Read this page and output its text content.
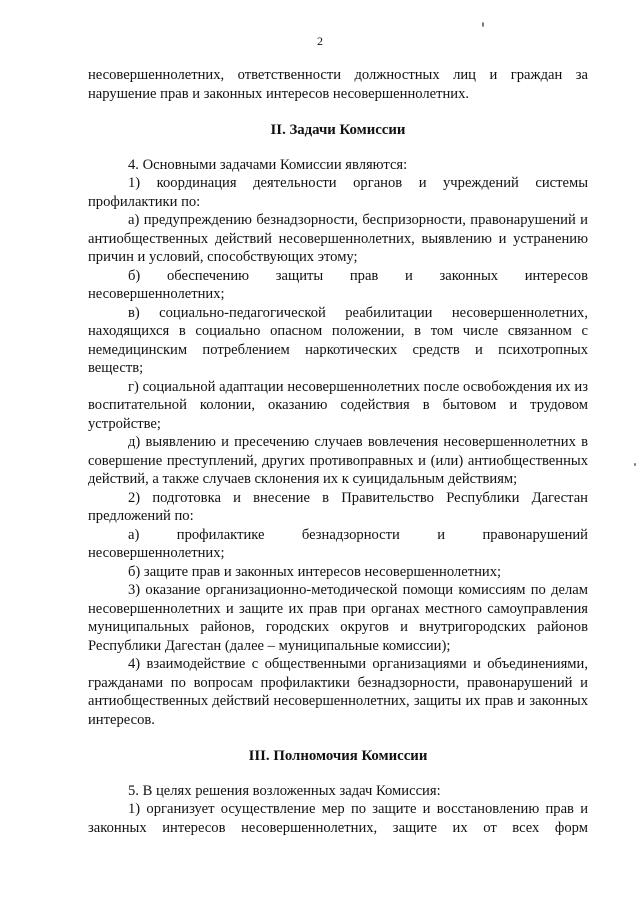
2

несовершеннолетних, ответственности должностных лиц и граждан за нарушение прав и законных интересов несовершеннолетних.

II. Задачи Комиссии

4. Основными задачами Комиссии являются:

1) координация деятельности органов и учреждений системы профилактики по:

а) предупреждению безнадзорности, беспризорности, правонарушений и антиобщественных действий несовершеннолетних, выявлению и устранению причин и условий, способствующих этому;

б) обеспечению защиты прав и законных интересов несовершеннолетних;

в) социально-педагогической реабилитации несовершеннолетних, находящихся в социально опасном положении, в том числе связанном с немедицинским потреблением наркотических средств и психотропных веществ;

г) социальной адаптации несовершеннолетних после освобождения их из воспитательной колонии, оказанию содействия в бытовом и трудовом устройстве;

д) выявлению и пресечению случаев вовлечения несовершеннолетних в совершение преступлений, других противоправных и (или) антиобщественных действий, а также случаев склонения их к суицидальным действиям;

2) подготовка и внесение в Правительство Республики Дагестан предложений по:

а) профилактике безнадзорности и правонарушений несовершеннолетних;

б) защите прав и законных интересов несовершеннолетних;

3) оказание организационно-методической помощи комиссиям по делам несовершеннолетних и защите их прав при органах местного самоуправления муниципальных районов, городских округов и внутригородских районов Республики Дагестан (далее – муниципальные комиссии);

4) взаимодействие с общественными организациями и объединениями, гражданами по вопросам профилактики безнадзорности, правонарушений и антиобщественных действий несовершеннолетних, защиты их прав и законных интересов.

III. Полномочия Комиссии

5. В целях решения возложенных задач Комиссия:

1) организует осуществление мер по защите и восстановлению прав и законных интересов несовершеннолетних, защите их от всех форм
